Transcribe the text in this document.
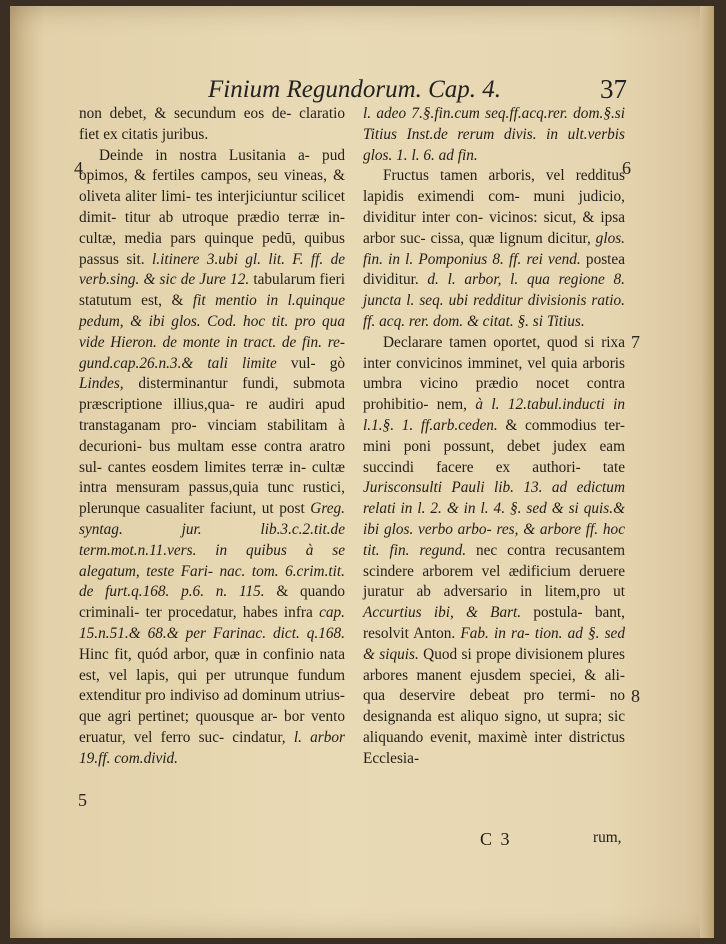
Finium Regundorum. Cap. 4.	37
4
5
6
7
8

non debet, & secundum eos de- claratio fiet ex citatis juribus.

Deinde in nostra Lusitania a- pud opimos, & fertiles campos, seu vineas, & oliveta aliter limi- tes interjiciuntur scilicet dimit- titur ab utroque prædio terræ in- cultæ, media pars quinque pedū, quibus passus sit. l.itinere 3.ubi gl. lit. F. ff. de verb.sing. & sic de Jure 12. tabularum fieri statutum est, & fit mentio in l.quinque pedum, & ibi glos. Cod. hoc tit. pro qua vide Hieron. de monte in tract. de fin. re- gund.cap.26.n.3.& tali limite vul- gò Lindes, disterminantur fundi, submota præscriptione illius,qua- re audiri apud transtaganam pro- vinciam stabilitam à decurioni- bus multam esse contra aratro sul- cantes eosdem limites terræ in- cultæ intra mensuram passus,quia tunc rustici, plerunque casualiter faciunt, ut post Greg. syntag. jur. lib.3.c.2.tit.de term.mot.n.11.vers. in quibus à se alegatum, teste Fari- nac. tom. 6.crim.tit. de furt.q.168. p.6. n. 115. & quando criminali- ter procedatur, habes infra cap. 15.n.51.& 68.& per Farinac. dict. q.168. Hinc fit, quód arbor, quæ in confinio nata est, vel lapis, qui per utrunque fundum extenditur pro indiviso ad dominum utrius- que agri pertinet; quousque ar- bor vento eruatur, vel ferro suc- cindatur, l. arbor 19.ff. com.divid.

l. adeo 7.§.fin.cum seq.ff.acq.rer. dom.§.si Titius Inst.de rerum divis. in ult.verbis glos. 1. l. 6. ad fin.

Fructus tamen arboris, vel redditus lapidis eximendi com- muni judicio, dividitur inter con- vicinos: sicut, & ipsa arbor suc- cissa, quæ lignum dicitur, glos. fin. in l. Pomponius 8. ff. rei vend. postea dividitur. d. l. arbor, l. qua regione 8. juncta l. seq. ubi redditur divisionis ratio. ff. acq. rer. dom. & citat. §. si Titius.

Declarare tamen oportet, quod si rixa inter convicinos imminet, vel quia arboris umbra vicino prædio nocet contra prohibitio- nem, à l. 12.tabul.inducti in l.1.§. 1. ff.arb.ceden. & commodius ter- mini poni possunt, debet judex eam succindi facere ex authori- tate Jurisconsulti Pauli lib. 13. ad edictum relati in l. 2. & in l. 4. §. sed & si quis.& ibi glos. verbo arbo- res, & arbore ff. hoc tit. fin. regund. nec contra recusantem scindere arborem vel ædificium deruere juratur ab adversario in litem,pro ut Accurtius ibi, & Bart. postula- bant, resolvit Anton. Fab. in ra- tion. ad §. sed & siquis. Quod si prope divisionem plures arbores manent ejusdem speciei, & ali- qua deservire debeat pro termi- no designanda est aliquo signo, ut supra; sic aliquando evenit, maximè inter districtus Ecclesia-

C 3	rum,
